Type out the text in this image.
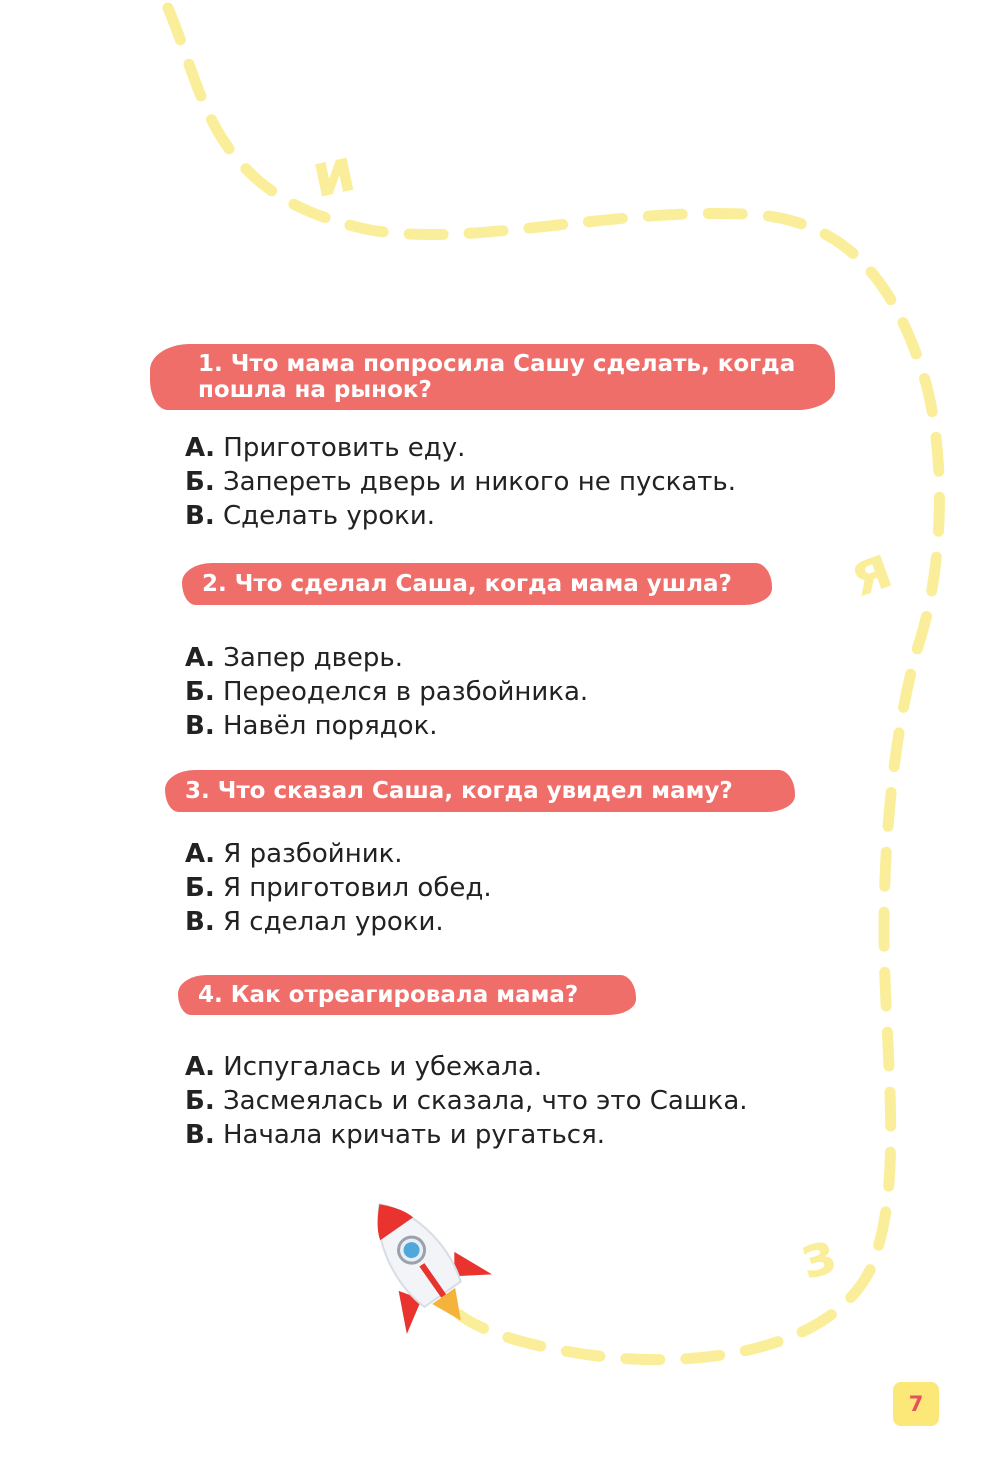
и
я
з
1. Что мама попросила Сашу сделать, когда пошла на рынок?
А. Приготовить еду.
Б. Запереть дверь и никого не пускать.
В. Сделать уроки.
2. Что сделал Саша, когда мама ушла?
А. Запер дверь.
Б. Переоделся в разбойника.
В. Навёл порядок.
3. Что сказал Саша, когда увидел маму?
А. Я разбойник.
Б. Я приготовил обед.
В. Я сделал уроки.
4. Как отреагировала мама?
А. Испугалась и убежала.
Б. Засмеялась и сказала, что это Сашка.
В. Начала кричать и ругаться.
7
